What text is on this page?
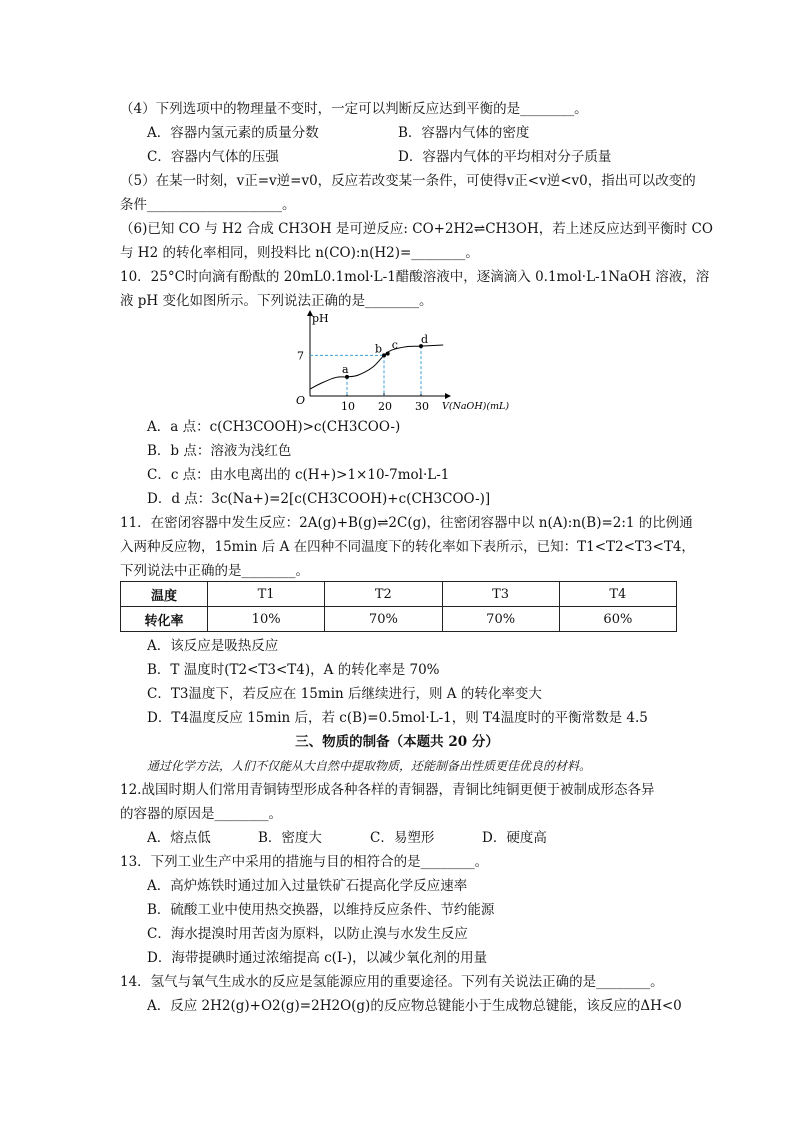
（4）下列选项中的物理量不变时，一定可以判断反应达到平衡的是________。
A．容器内氢元素的质量分数	B．容器内气体的密度
C．容器内气体的压强	D．容器内气体的平均相对分子质量
（5）在某一时刻，v正=v逆=v0，反应若改变某一条件，可使得v正<v逆<v0，指出可以改变的
条件____________________。
（6)已知 CO 与 H2 合成 CH3OH 是可逆反应: CO+2H2⇌CH3OH，若上述反应达到平衡时 CO
与 H2 的转化率相同，则投料比 n(CO):n(H2)=________。
10．25°C时向滴有酚酞的 20mL0.1mol·L-1醋酸溶液中，逐滴滴入 0.1mol·L-1NaOH 溶液，溶
液 pH 变化如图所示。下列说法正确的是________。
pH
V(NaOH)(mL)
O	10 20 30
7
a
b c d
A．a 点：c(CH3COOH)>c(CH3COO-)
B．b 点：溶液为浅红色
C．c 点：由水电离出的 c(H+)>1×10-7mol·L-1
D．d 点：3c(Na+)=2[c(CH3COOH)+c(CH3COO-)]
11．在密闭容器中发生反应：2A(g)+B(g)⇌2C(g)，往密闭容器中以 n(A):n(B)=2:1 的比例通
入两种反应物，15min 后 A 在四种不同温度下的转化率如下表所示，已知：T1<T2<T3<T4，
下列说法中正确的是________。
温度	T1	T2	T3	T4
转化率	10%	70%	70%	60%
A．该反应是吸热反应
B．T 温度时(T2<T3<T4)，A 的转化率是 70%
C．T3温度下，若反应在 15min 后继续进行，则 A 的转化率变大
D．T4温度反应 15min 后，若 c(B)=0.5mol·L-1，则 T4温度时的平衡常数是 4.5
三、物质的制备（本题共 20 分）
通过化学方法，人们不仅能从大自然中提取物质，还能制备出性质更佳优良的材料。
12.战国时期人们常用青铜铸型形成各种各样的青铜器，青铜比纯铜更便于被制成形态各异
的容器的原因是________。
A．熔点低	B．密度大	C．易塑形	D．硬度高
13．下列工业生产中采用的措施与目的相符合的是________。
A．高炉炼铁时通过加入过量铁矿石提高化学反应速率
B．硫酸工业中使用热交换器，以维持反应条件、节约能源
C．海水提溴时用苦卤为原料，以防止溴与水发生反应
D．海带提碘时通过浓缩提高 c(I-)，以减少氧化剂的用量
14．氢气与氧气生成水的反应是氢能源应用的重要途径。下列有关说法正确的是________。
A．反应 2H2(g)+O2(g)=2H2O(g)的反应物总键能小于生成物总键能，该反应的ΔH<0
